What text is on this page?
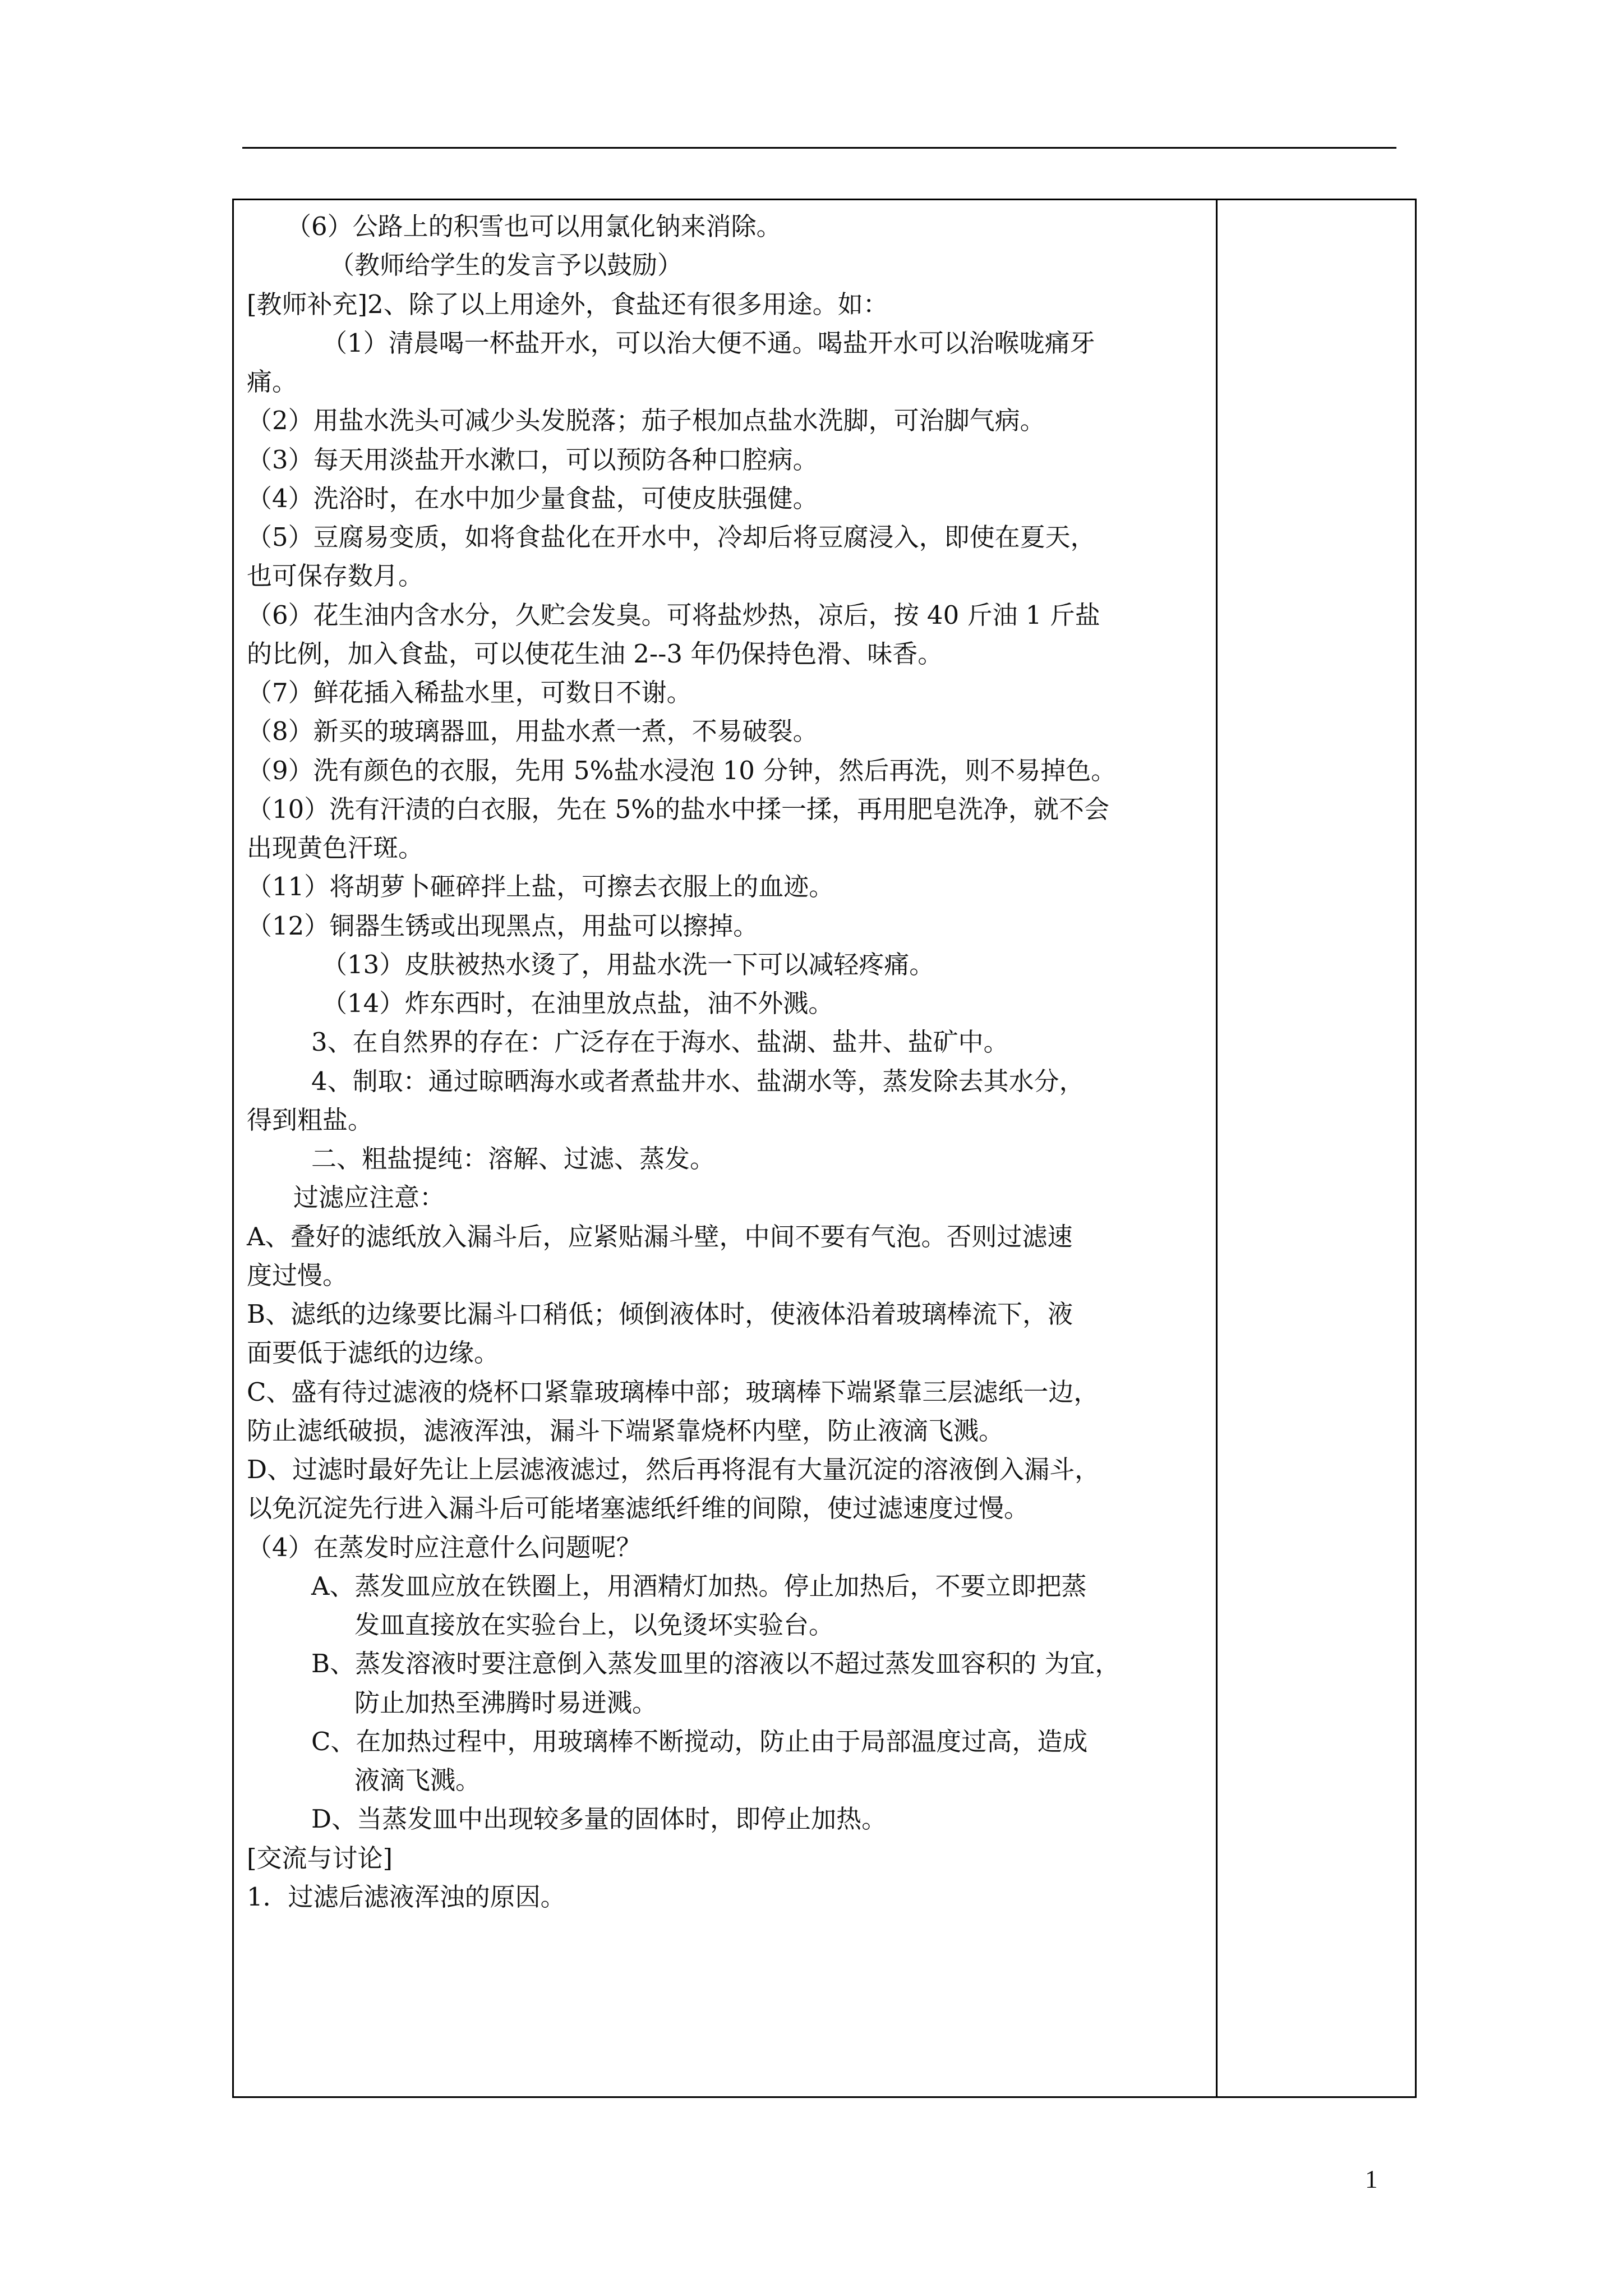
（6）公路上的积雪也可以用氯化钠来消除。
（教师给学生的发言予以鼓励）
[教师补充]2、除了以上用途外，食盐还有很多用途。如：
（1）清晨喝一杯盐开水，可以治大便不通。喝盐开水可以治喉咙痛牙
痛。
（2）用盐水洗头可减少头发脱落；茄子根加点盐水洗脚，可治脚气病。
（3）每天用淡盐开水漱口，可以预防各种口腔病。
（4）洗浴时，在水中加少量食盐，可使皮肤强健。
（5）豆腐易变质，如将食盐化在开水中，冷却后将豆腐浸入，即使在夏天，
也可保存数月。
（6）花生油内含水分，久贮会发臭。可将盐炒热，凉后，按 40 斤油 1 斤盐
的比例，加入食盐，可以使花生油 2--3 年仍保持色滑、味香。
（7）鲜花插入稀盐水里，可数日不谢。
（8）新买的玻璃器皿，用盐水煮一煮，不易破裂。
（9）洗有颜色的衣服，先用 5%盐水浸泡 10 分钟，然后再洗，则不易掉色。
（10）洗有汗渍的白衣服，先在 5%的盐水中揉一揉，再用肥皂洗净，就不会
出现黄色汗斑。
（11）将胡萝卜砸碎拌上盐，可擦去衣服上的血迹。
（12）铜器生锈或出现黑点，用盐可以擦掉。
（13）皮肤被热水烫了，用盐水洗一下可以减轻疼痛。
（14）炸东西时，在油里放点盐，油不外溅。
3、在自然界的存在：广泛存在于海水、盐湖、盐井、盐矿中。
4、制取：通过晾晒海水或者煮盐井水、盐湖水等，蒸发除去其水分，
得到粗盐。
二、粗盐提纯：溶解、过滤、蒸发。
过滤应注意：
A、叠好的滤纸放入漏斗后，应紧贴漏斗壁，中间不要有气泡。否则过滤速
度过慢。
B、滤纸的边缘要比漏斗口稍低；倾倒液体时，使液体沿着玻璃棒流下，液
面要低于滤纸的边缘。
C、盛有待过滤液的烧杯口紧靠玻璃棒中部；玻璃棒下端紧靠三层滤纸一边，
防止滤纸破损，滤液浑浊，漏斗下端紧靠烧杯内壁，防止液滴飞溅。
D、过滤时最好先让上层滤液滤过，然后再将混有大量沉淀的溶液倒入漏斗，
以免沉淀先行进入漏斗后可能堵塞滤纸纤维的间隙，使过滤速度过慢。
（4）在蒸发时应注意什么问题呢？
A、蒸发皿应放在铁圈上，用酒精灯加热。停止加热后，不要立即把蒸
发皿直接放在实验台上，以免烫坏实验台。
B、蒸发溶液时要注意倒入蒸发皿里的溶液以不超过蒸发皿容积的 为宜，
防止加热至沸腾时易迸溅。
C、在加热过程中，用玻璃棒不断搅动，防止由于局部温度过高，造成
液滴飞溅。
D、当蒸发皿中出现较多量的固体时，即停止加热。
[交流与讨论]
1．过滤后滤液浑浊的原因。
1
